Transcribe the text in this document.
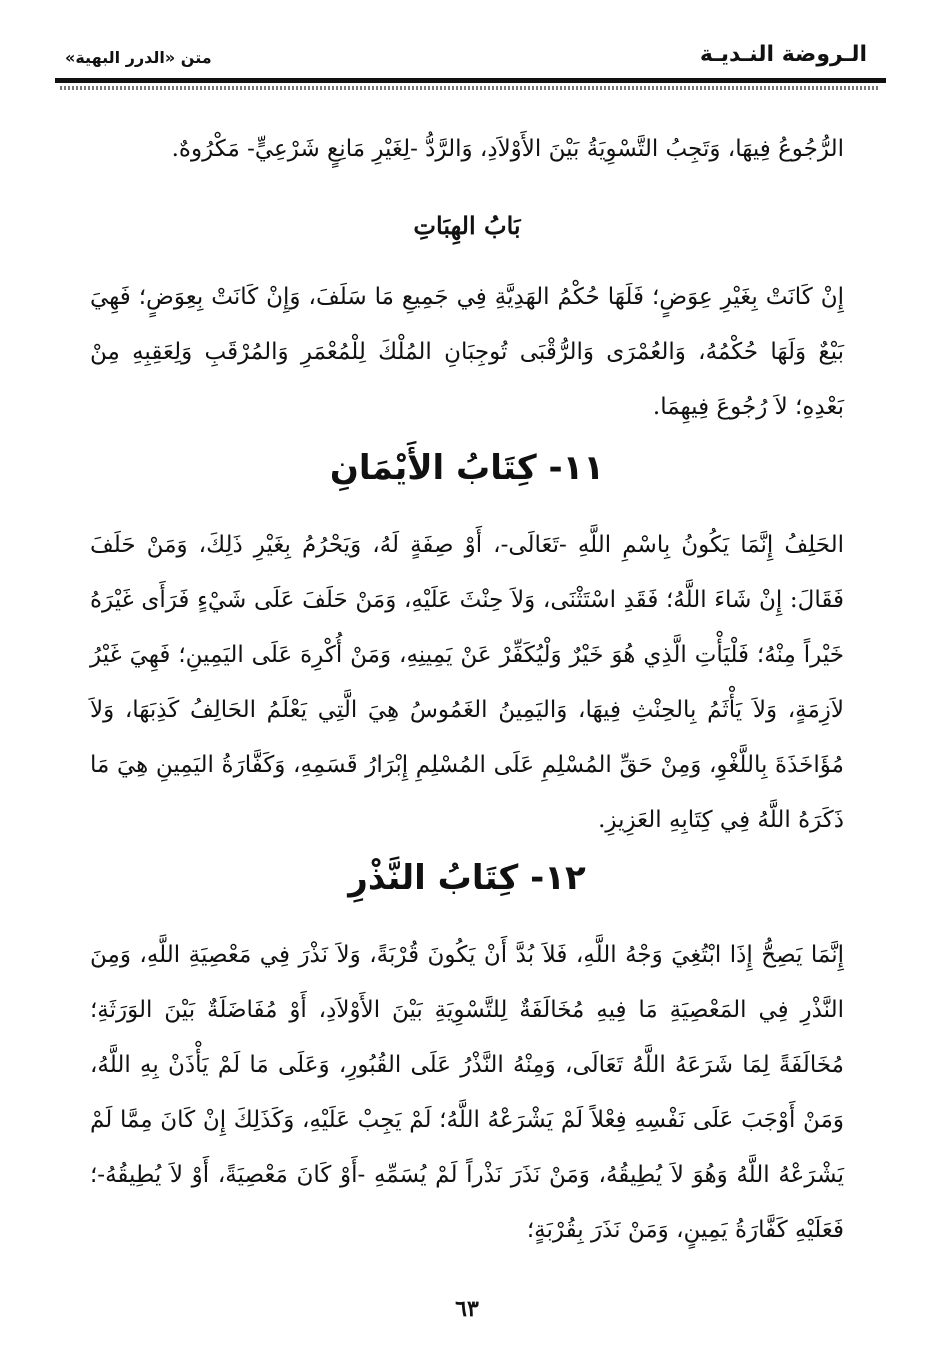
الـروضة النـديـة
متن «الدرر البهية»

الرُّجُوعُ فِيهَا، وَتَجِبُ التَّسْوِيَةُ بَيْنَ الأَوْلاَدِ، وَالرَّدُّ -لِغَيْرِ مَانِعٍ شَرْعِيٍّ- مَكْرُوهٌ.

بَابُ الهِبَاتِ

إِنْ كَانَتْ بِغَيْرِ عِوَضٍ؛ فَلَهَا حُكْمُ الهَدِيَّةِ فِي جَمِيعِ مَا سَلَفَ، وَإِنْ كَانَتْ بِعِوَضٍ؛ فَهِيَ بَيْعٌ وَلَهَا حُكْمُهُ، وَالعُمْرَى وَالرُّقْبَى تُوجِبَانِ المُلْكَ لِلْمُعْمَرِ وَالمُرْقَبِ وَلِعَقِبِهِ مِنْ بَعْدِهِ؛ لاَ رُجُوعَ فِيهِمَا.

١١- كِتَابُ الأَيْمَانِ

الحَلِفُ إِنَّمَا يَكُونُ بِاسْمِ اللَّهِ -تَعَالَى-، أَوْ صِفَةٍ لَهُ، وَيَحْرُمُ بِغَيْرِ ذَلِكَ، وَمَنْ حَلَفَ فَقَالَ: إِنْ شَاءَ اللَّهُ؛ فَقَدِ اسْتَثْنَى، وَلاَ حِنْثَ عَلَيْهِ، وَمَنْ حَلَفَ عَلَى شَيْءٍ فَرَأَى غَيْرَهُ خَيْراً مِنْهُ؛ فَلْيَأْتِ الَّذِي هُوَ خَيْرٌ وَلْيُكَفِّرْ عَنْ يَمِينِهِ، وَمَنْ أُكْرِهَ عَلَى اليَمِينِ؛ فَهِيَ غَيْرُ لاَزِمَةٍ، وَلاَ يَأْثَمُ بِالحِنْثِ فِيهَا، وَاليَمِينُ الغَمُوسُ هِيَ الَّتِي يَعْلَمُ الحَالِفُ كَذِبَهَا، وَلاَ مُؤَاخَذَةَ بِاللَّغْوِ، وَمِنْ حَقِّ المُسْلِمِ عَلَى المُسْلِمِ إِبْرَارُ قَسَمِهِ، وَكَفَّارَةُ اليَمِينِ هِيَ مَا ذَكَرَهُ اللَّهُ فِي كِتَابِهِ العَزِيزِ.

١٢- كِتَابُ النَّذْرِ

إِنَّمَا يَصِحُّ إِذَا ابْتُغِيَ وَجْهُ اللَّهِ، فَلاَ بُدَّ أَنْ يَكُونَ قُرْبَةً، وَلاَ نَذْرَ فِي مَعْصِيَةِ اللَّهِ، وَمِنَ النَّذْرِ فِي المَعْصِيَةِ مَا فِيهِ مُخَالَفَةٌ لِلتَّسْوِيَةِ بَيْنَ الأَوْلاَدِ، أَوْ مُفَاضَلَةٌ بَيْنَ الوَرَثَةِ؛ مُخَالَفَةً لِمَا شَرَعَهُ اللَّهُ تَعَالَى، وَمِنْهُ النَّذْرُ عَلَى القُبُورِ، وَعَلَى مَا لَمْ يَأْذَنْ بِهِ اللَّهُ، وَمَنْ أَوْجَبَ عَلَى نَفْسِهِ فِعْلاً لَمْ يَشْرَعْهُ اللَّهُ؛ لَمْ يَجِبْ عَلَيْهِ، وَكَذَلِكَ إِنْ كَانَ مِمَّا لَمْ يَشْرَعْهُ اللَّهُ وَهُوَ لاَ يُطِيقُهُ، وَمَنْ نَذَرَ نَذْراً لَمْ يُسَمِّهِ -أَوْ كَانَ مَعْصِيَةً، أَوْ لاَ يُطِيقُهُ-؛ فَعَلَيْهِ كَفَّارَةُ يَمِينٍ، وَمَنْ نَذَرَ بِقُرْبَةٍ؛

٦٣
